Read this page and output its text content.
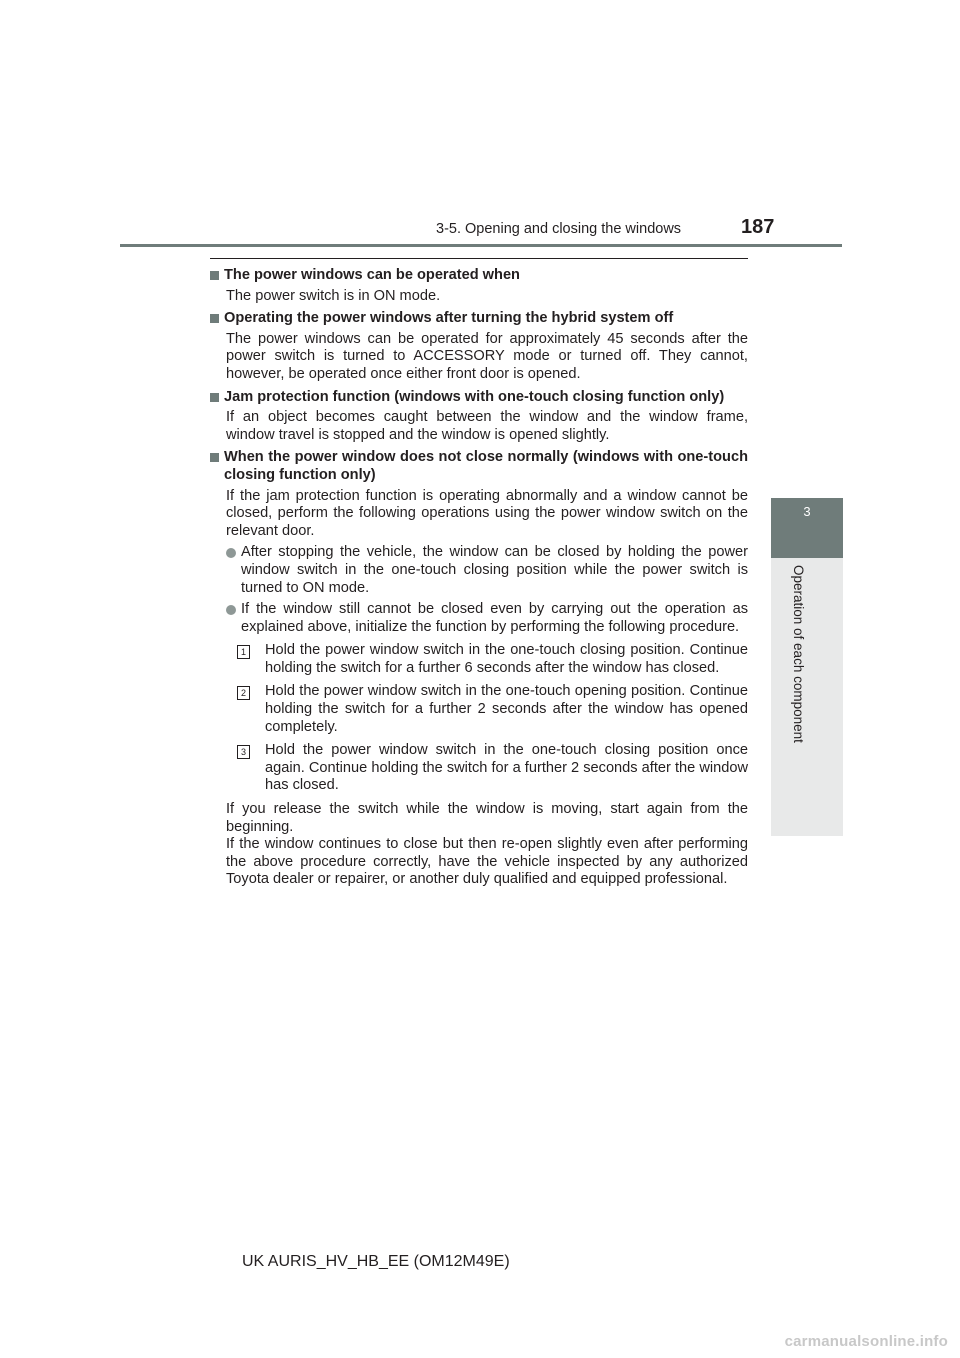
3-5. Opening and closing the windows	187
3
Operation of each component
The power windows can be operated when
The power switch is in ON mode.
Operating the power windows after turning the hybrid system off
The power windows can be operated for approximately 45 seconds after the power switch is turned to ACCESSORY mode or turned off. They cannot, however, be operated once either front door is opened.
Jam protection function (windows with one-touch closing function only)
If an object becomes caught between the window and the window frame, window travel is stopped and the window is opened slightly.
When the power window does not close normally (windows with one-touch closing function only)
If the jam protection function is operating abnormally and a window cannot be closed, perform the following operations using the power window switch on the relevant door.
After stopping the vehicle, the window can be closed by holding the power window switch in the one-touch closing position while the power switch is turned to ON mode.
If the window still cannot be closed even by carrying out the operation as explained above, initialize the function by performing the following procedure.
1 Hold the power window switch in the one-touch closing position. Continue holding the switch for a further 6 seconds after the window has closed.
2 Hold the power window switch in the one-touch opening position. Continue holding the switch for a further 2 seconds after the window has opened completely.
3 Hold the power window switch in the one-touch closing position once again. Continue holding the switch for a further 2 seconds after the window has closed.
If you release the switch while the window is moving, start again from the beginning.
If the window continues to close but then re-open slightly even after performing the above procedure correctly, have the vehicle inspected by any authorized Toyota dealer or repairer, or another duly qualified and equipped professional.
UK AURIS_HV_HB_EE (OM12M49E)
carmanualsonline.info
